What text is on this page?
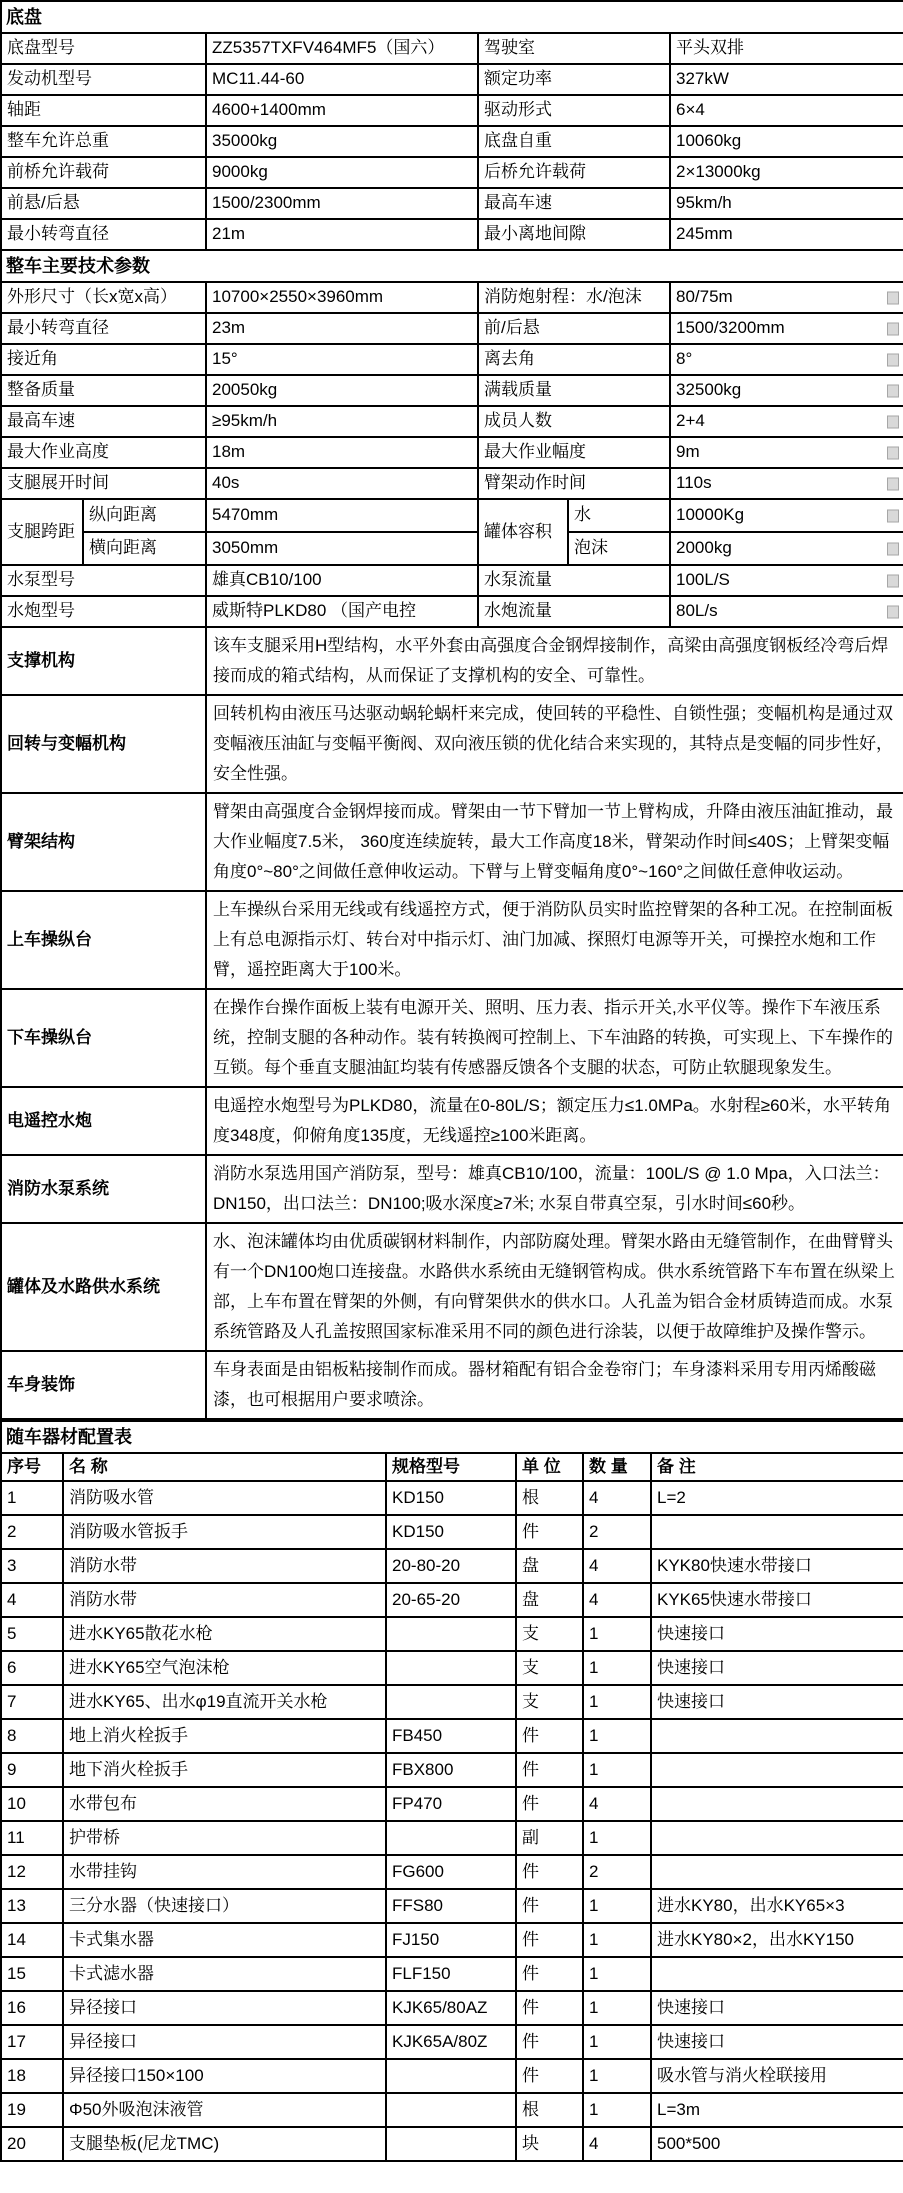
底盘					
底盘型号		ZZ5357TXFV464MF5（国六）	驾驶室		平头双排
发动机型号		MC11.44-60	额定功率		327kW
轴距		4600+1400mm	驱动形式		6×4
整车允许总重		35000kg	底盘自重		10060kg
前桥允许载荷		9000kg	后桥允许载荷		2×13000kg
前悬/后悬		1500/2300mm	最高车速		95km/h
最小转弯直径		21m	最小离地间隙		245mm
整车主要技术参数					
外形尺寸（长x宽x高）		10700×2550×3960mm	消防炮射程：水/泡沫		80/75m

最小转弯直径		23m	前/后悬		1500/3200mm

接近角		15°	离去角		8°

整备质量		20050kg	满载质量		32500kg

最高车速		≥95km/h	成员人数		2+4

最大作业高度		18m	最大作业幅度		9m

支腿展开时间		40s	臂架动作时间		110s

支腿跨距	纵向距离	5470mm	罐体容积	水	10000Kg

	横向距离	3050mm		泡沫	2000kg

水泵型号		雄真CB10/100	水泵流量		100L/S

水炮型号		威斯特PLKD80 （国产电控	水炮流量		80L/s

支撑机构		该车支腿采用H型结构，水平外套由高强度合金钢焊接制作，高梁由高强度钢板经冷弯后焊接而成的箱式结构，从而保证了支撑机构的安全、可靠性。			
回转与变幅机构		回转机构由液压马达驱动蜗轮蜗杆来完成，使回转的平稳性、自锁性强；变幅机构是通过双变幅液压油缸与变幅平衡阀、双向液压锁的优化结合来实现的，其特点是变幅的同步性好，安全性强。			
臂架结构		臂架由高强度合金钢焊接而成。臂架由一节下臂加一节上臂构成，升降由液压油缸推动，最大作业幅度7.5米， 360度连续旋转，最大工作高度18米，臂架动作时间≤40S；上臂架变幅角度0°~80°之间做任意伸收运动。下臂与上臂变幅角度0°~160°之间做任意伸收运动。			
上车操纵台		上车操纵台采用无线或有线遥控方式，便于消防队员实时监控臂架的各种工况。在控制面板上有总电源指示灯、转台对中指示灯、油门加减、探照灯电源等开关，可操控水炮和工作臂，遥控距离大于100米。			
下车操纵台		在操作台操作面板上装有电源开关、照明、压力表、指示开关,水平仪等。操作下车液压系统，控制支腿的各种动作。装有转换阀可控制上、下车油路的转换，可实现上、下车操作的互锁。每个垂直支腿油缸均装有传感器反馈各个支腿的状态，可防止软腿现象发生。			
电遥控水炮		电遥控水炮型号为PLKD80，流量在0-80L/S；额定压力≤1.0MPa。水射程≥60米，水平转角度348度，仰俯角度135度，无线遥控≥100米距离。			
消防水泵系统		消防水泵选用国产消防泵，型号：雄真CB10/100，流量：100L/S @ 1.0 Mpa，入口法兰：DN150，出口法兰：DN100;吸水深度≥7米; 水泵自带真空泵，引水时间≤60秒。			
罐体及水路供水系统		水、泡沫罐体均由优质碳钢材料制作，内部防腐处理。臂架水路由无缝管制作，在曲臂臂头有一个DN100炮口连接盘。水路供水系统由无缝钢管构成。供水系统管路下车布置在纵梁上部，上车布置在臂架的外侧，有向臂架供水的供水口。人孔盖为铝合金材质铸造而成。水泵系统管路及人孔盖按照国家标准采用不同的颜色进行涂装，以便于故障维护及操作警示。			
车身装饰		车身表面是由铝板粘接制作而成。器材箱配有铝合金卷帘门；车身漆料采用专用丙烯酸磁漆，也可根据用户要求喷涂。			
随车器材配置表					
序号	名 称	规格型号	单 位	数 量	备 注
1	消防吸水管	KD150	根	4	L=2
2	消防吸水管扳手	KD150	件	2	
3	消防水带	20-80-20	盘	4	KYK80快速水带接口
4	消防水带	20-65-20	盘	4	KYK65快速水带接口
5	进水KY65散花水枪		支	1	快速接口
6	进水KY65空气泡沫枪		支	1	快速接口
7	进水KY65、出水φ19直流开关水枪		支	1	快速接口
8	地上消火栓扳手	FB450	件	1	
9	地下消火栓扳手	FBX800	件	1	
10	水带包布	FP470	件	4	
11	护带桥		副	1	
12	水带挂钩	FG600	件	2	
13	三分水器（快速接口）	FFS80	件	1	进水KY80，出水KY65×3
14	卡式集水器	FJ150	件	1	进水KY80×2，出水KY150
15	卡式滤水器	FLF150	件	1	
16	异径接口	KJK65/80AZ	件	1	快速接口
17	异径接口	KJK65A/80Z	件	1	快速接口
18	异径接口150×100		件	1	吸水管与消火栓联接用
19	Φ50外吸泡沫液管		根	1	L=3m
20	支腿垫板(尼龙TMC)		块	4	500*500
